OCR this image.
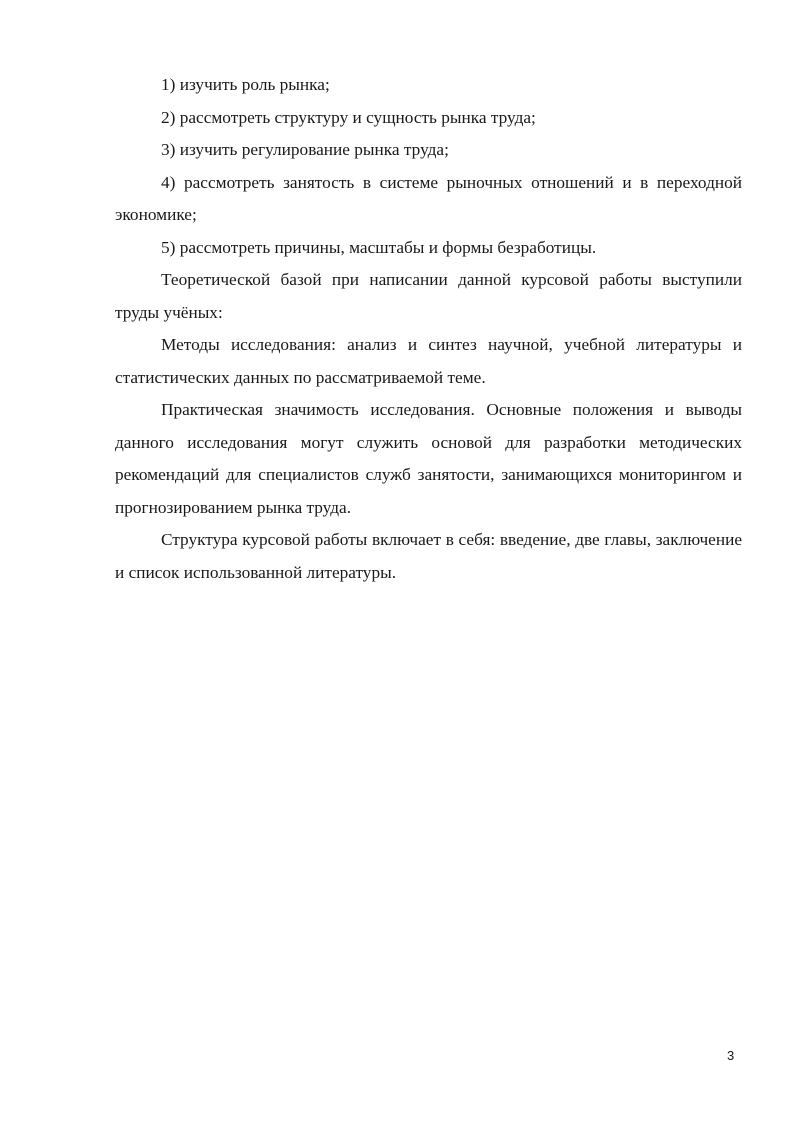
1) изучить роль рынка;

2) рассмотреть структуру и сущность рынка труда;

3) изучить регулирование рынка труда;

4) рассмотреть занятость в системе рыночных отношений и в переходной экономике;

5) рассмотреть причины, масштабы и формы безработицы.

Теоретической базой при написании данной курсовой работы выступили труды учёных:

Методы исследования: анализ и синтез научной, учебной литературы и статистических данных по рассматриваемой теме.

Практическая значимость исследования. Основные положения и выводы данного исследования могут служить основой для разработки методических рекомендаций для специалистов служб занятости, занимающихся мониторингом и прогнозированием рынка труда.

Структура курсовой работы включает в себя: введение, две главы, заключение и список использованной литературы.

3
